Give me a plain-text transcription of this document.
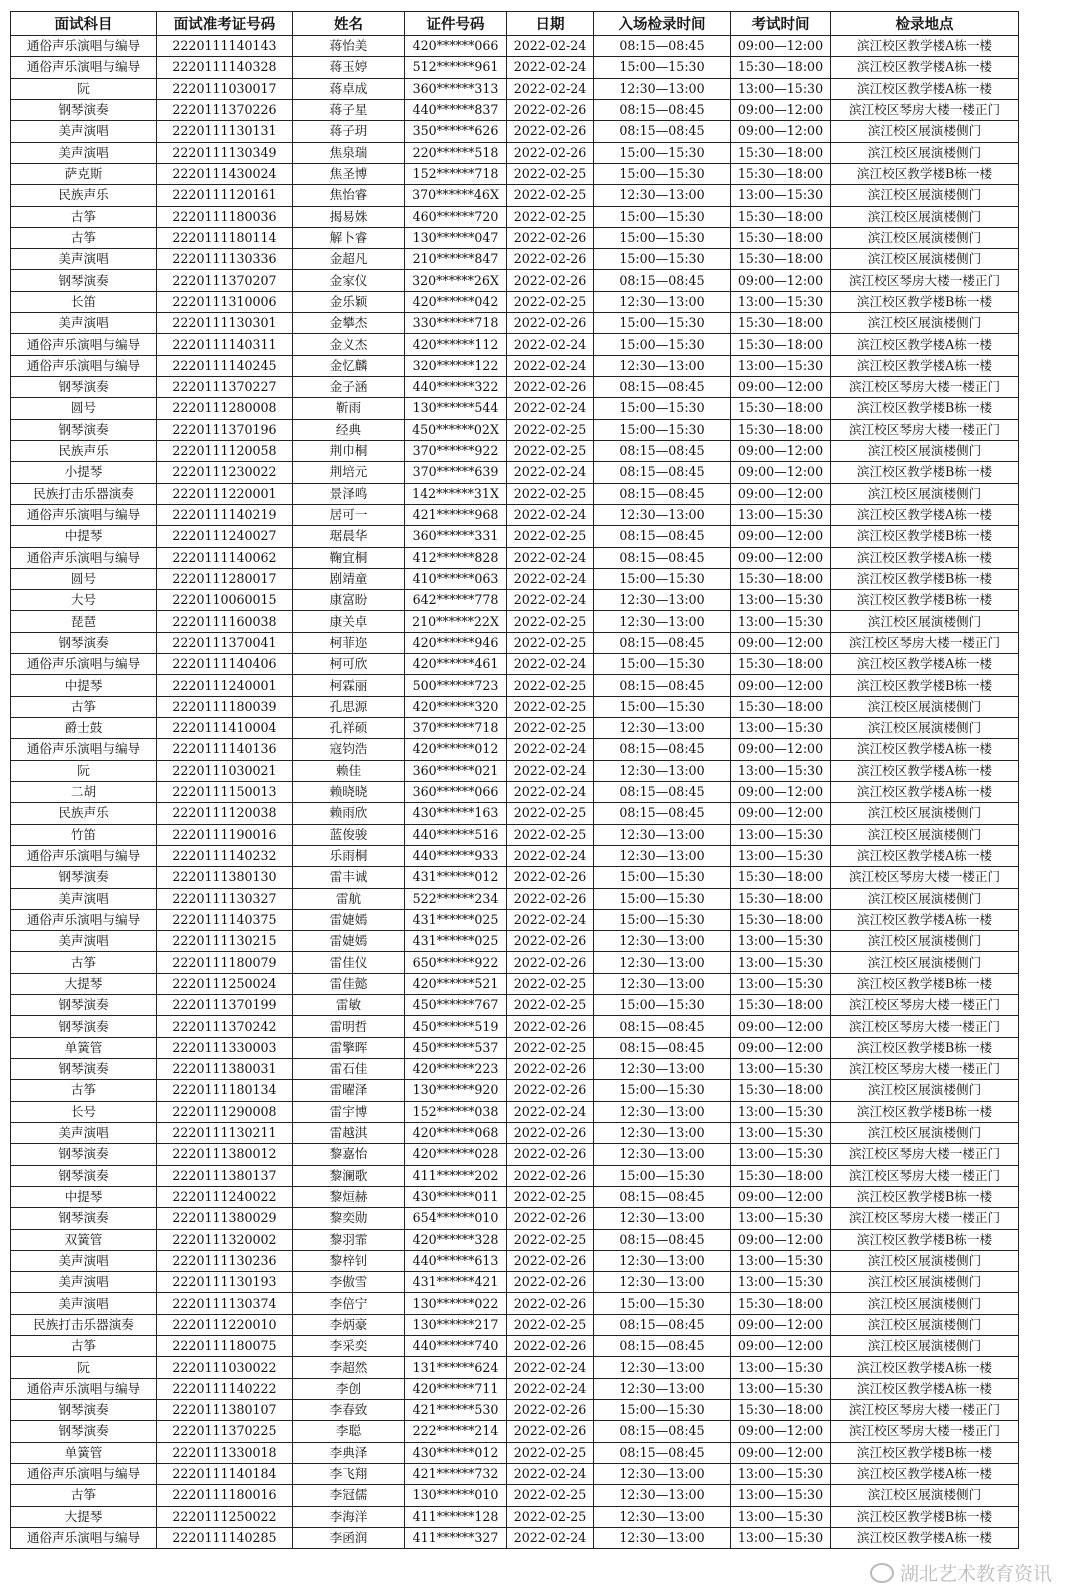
面试科目	面试准考证号码	姓名	证件号码	日期	入场检录时间	考试时间	检录地点
通俗声乐演唱与编导	2220111140143	蒋怡美	420******066	2022-02-24	08:15—08:45	09:00—12:00	滨江校区教学楼A栋一楼
通俗声乐演唱与编导	2220111140328	蒋玉婷	512******961	2022-02-24	15:00—15:30	15:30—18:00	滨江校区教学楼A栋一楼
阮	2220111030017	蒋卓成	360******313	2022-02-24	12:30—13:00	13:00—15:30	滨江校区教学楼A栋一楼
钢琴演奏	2220111370226	蒋子星	440******837	2022-02-26	08:15—08:45	09:00—12:00	滨江校区琴房大楼一楼正门
美声演唱	2220111130131	蒋子玥	350******626	2022-02-26	08:15—08:45	09:00—12:00	滨江校区展演楼侧门
美声演唱	2220111130349	焦泉瑞	220******518	2022-02-26	15:00—15:30	15:30—18:00	滨江校区展演楼侧门
萨克斯	2220111430024	焦圣博	152******718	2022-02-25	15:00—15:30	15:30—18:00	滨江校区教学楼B栋一楼
民族声乐	2220111120161	焦怡睿	370******46X	2022-02-25	12:30—13:00	13:00—15:30	滨江校区展演楼侧门
古筝	2220111180036	揭易姝	460******720	2022-02-25	15:00—15:30	15:30—18:00	滨江校区展演楼侧门
古筝	2220111180114	解卜睿	130******047	2022-02-26	15:00—15:30	15:30—18:00	滨江校区展演楼侧门
美声演唱	2220111130336	金超凡	210******847	2022-02-26	15:00—15:30	15:30—18:00	滨江校区展演楼侧门
钢琴演奏	2220111370207	金家仪	320******26X	2022-02-26	08:15—08:45	09:00—12:00	滨江校区琴房大楼一楼正门
长笛	2220111310006	金乐颖	420******042	2022-02-25	12:30—13:00	13:00—15:30	滨江校区教学楼B栋一楼
美声演唱	2220111130301	金攀杰	330******718	2022-02-26	15:00—15:30	15:30—18:00	滨江校区展演楼侧门
通俗声乐演唱与编导	2220111140311	金义杰	420******112	2022-02-24	15:00—15:30	15:30—18:00	滨江校区教学楼A栋一楼
通俗声乐演唱与编导	2220111140245	金忆麟	320******122	2022-02-24	12:30—13:00	13:00—15:30	滨江校区教学楼A栋一楼
钢琴演奏	2220111370227	金子涵	440******322	2022-02-26	08:15—08:45	09:00—12:00	滨江校区琴房大楼一楼正门
圆号	2220111280008	靳雨	130******544	2022-02-24	15:00—15:30	15:30—18:00	滨江校区教学楼B栋一楼
钢琴演奏	2220111370196	经典	450******02X	2022-02-25	15:00—15:30	15:30—18:00	滨江校区琴房大楼一楼正门
民族声乐	2220111120058	荆巾桐	370******922	2022-02-25	08:15—08:45	09:00—12:00	滨江校区展演楼侧门
小提琴	2220111230022	荆培元	370******639	2022-02-24	08:15—08:45	09:00—12:00	滨江校区教学楼B栋一楼
民族打击乐器演奏	2220111220001	景泽鸣	142******31X	2022-02-25	08:15—08:45	09:00—12:00	滨江校区展演楼侧门
通俗声乐演唱与编导	2220111140219	居可一	421******968	2022-02-24	12:30—13:00	13:00—15:30	滨江校区教学楼A栋一楼
中提琴	2220111240027	琚晨华	360******331	2022-02-25	08:15—08:45	09:00—12:00	滨江校区教学楼B栋一楼
通俗声乐演唱与编导	2220111140062	鞠宜桐	412******828	2022-02-24	08:15—08:45	09:00—12:00	滨江校区教学楼A栋一楼
圆号	2220111280017	剧靖童	410******063	2022-02-24	15:00—15:30	15:30—18:00	滨江校区教学楼B栋一楼
大号	2220110060015	康富盼	642******778	2022-02-24	12:30—13:00	13:00—15:30	滨江校区教学楼B栋一楼
琵琶	2220111160038	康关卓	210******22X	2022-02-25	12:30—13:00	13:00—15:30	滨江校区展演楼侧门
钢琴演奏	2220111370041	柯菲迩	420******946	2022-02-25	08:15—08:45	09:00—12:00	滨江校区琴房大楼一楼正门
通俗声乐演唱与编导	2220111140406	柯可欣	420******461	2022-02-24	15:00—15:30	15:30—18:00	滨江校区教学楼A栋一楼
中提琴	2220111240001	柯霖丽	500******723	2022-02-25	08:15—08:45	09:00—12:00	滨江校区教学楼B栋一楼
古筝	2220111180039	孔思源	420******320	2022-02-25	15:00—15:30	15:30—18:00	滨江校区展演楼侧门
爵士鼓	2220111410004	孔祥硕	370******718	2022-02-25	12:30—13:00	13:00—15:30	滨江校区展演楼侧门
通俗声乐演唱与编导	2220111140136	寇钧浩	420******012	2022-02-24	08:15—08:45	09:00—12:00	滨江校区教学楼A栋一楼
阮	2220111030021	赖佳	360******021	2022-02-24	12:30—13:00	13:00—15:30	滨江校区教学楼A栋一楼
二胡	2220111150013	赖晓晓	360******066	2022-02-24	08:15—08:45	09:00—12:00	滨江校区教学楼A栋一楼
民族声乐	2220111120038	赖雨欣	430******163	2022-02-25	08:15—08:45	09:00—12:00	滨江校区展演楼侧门
竹笛	2220111190016	蓝俊骏	440******516	2022-02-25	12:30—13:00	13:00—15:30	滨江校区展演楼侧门
通俗声乐演唱与编导	2220111140232	乐雨桐	440******933	2022-02-24	12:30—13:00	13:00—15:30	滨江校区教学楼A栋一楼
钢琴演奏	2220111380130	雷丰诚	431******012	2022-02-26	15:00—15:30	15:30—18:00	滨江校区琴房大楼一楼正门
美声演唱	2220111130327	雷航	522******234	2022-02-26	15:00—15:30	15:30—18:00	滨江校区展演楼侧门
通俗声乐演唱与编导	2220111140375	雷婕嫣	431******025	2022-02-24	15:00—15:30	15:30—18:00	滨江校区教学楼A栋一楼
美声演唱	2220111130215	雷婕嫣	431******025	2022-02-26	12:30—13:00	13:00—15:30	滨江校区展演楼侧门
古筝	2220111180079	雷佳仪	650******922	2022-02-26	12:30—13:00	13:00—15:30	滨江校区展演楼侧门
大提琴	2220111250024	雷佳懿	420******521	2022-02-25	12:30—13:00	13:00—15:30	滨江校区教学楼B栋一楼
钢琴演奏	2220111370199	雷敏	450******767	2022-02-25	15:00—15:30	15:30—18:00	滨江校区琴房大楼一楼正门
钢琴演奏	2220111370242	雷明哲	450******519	2022-02-26	08:15—08:45	09:00—12:00	滨江校区琴房大楼一楼正门
单簧管	2220111330003	雷擎晖	450******537	2022-02-25	08:15—08:45	09:00—12:00	滨江校区教学楼B栋一楼
钢琴演奏	2220111380031	雷石佳	420******223	2022-02-26	12:30—13:00	13:00—15:30	滨江校区琴房大楼一楼正门
古筝	2220111180134	雷曜泽	130******920	2022-02-26	15:00—15:30	15:30—18:00	滨江校区展演楼侧门
长号	2220111290008	雷宇博	152******038	2022-02-24	12:30—13:00	13:00—15:30	滨江校区教学楼B栋一楼
美声演唱	2220111130211	雷越淇	420******068	2022-02-26	12:30—13:00	13:00—15:30	滨江校区展演楼侧门
钢琴演奏	2220111380012	黎嘉怡	420******028	2022-02-26	12:30—13:00	13:00—15:30	滨江校区琴房大楼一楼正门
钢琴演奏	2220111380137	黎澜歌	411******202	2022-02-26	15:00—15:30	15:30—18:00	滨江校区琴房大楼一楼正门
中提琴	2220111240022	黎烜赫	430******011	2022-02-25	08:15—08:45	09:00—12:00	滨江校区教学楼B栋一楼
钢琴演奏	2220111380029	黎奕勋	654******010	2022-02-26	12:30—13:00	13:00—15:30	滨江校区琴房大楼一楼正门
双簧管	2220111320002	黎羽霏	420******328	2022-02-25	08:15—08:45	09:00—12:00	滨江校区教学楼B栋一楼
美声演唱	2220111130236	黎梓钊	440******613	2022-02-26	12:30—13:00	13:00—15:30	滨江校区展演楼侧门
美声演唱	2220111130193	李傲雪	431******421	2022-02-26	12:30—13:00	13:00—15:30	滨江校区展演楼侧门
美声演唱	2220111130374	李倍宁	130******022	2022-02-26	15:00—15:30	15:30—18:00	滨江校区展演楼侧门
民族打击乐器演奏	2220111220010	李炳豪	130******217	2022-02-25	08:15—08:45	09:00—12:00	滨江校区展演楼侧门
古筝	2220111180075	李采奕	440******740	2022-02-26	08:15—08:45	09:00—12:00	滨江校区展演楼侧门
阮	2220111030022	李超然	131******624	2022-02-24	12:30—13:00	13:00—15:30	滨江校区教学楼A栋一楼
通俗声乐演唱与编导	2220111140222	李创	420******711	2022-02-24	12:30—13:00	13:00—15:30	滨江校区教学楼A栋一楼
钢琴演奏	2220111380107	李春致	421******530	2022-02-26	15:00—15:30	15:30—18:00	滨江校区琴房大楼一楼正门
钢琴演奏	2220111370225	李聪	222******214	2022-02-26	08:15—08:45	09:00—12:00	滨江校区琴房大楼一楼正门
单簧管	2220111330018	李典泽	430******012	2022-02-25	08:15—08:45	09:00—12:00	滨江校区教学楼B栋一楼
通俗声乐演唱与编导	2220111140184	李飞翔	421******732	2022-02-24	12:30—13:00	13:00—15:30	滨江校区教学楼A栋一楼
古筝	2220111180016	李冠儒	130******010	2022-02-25	12:30—13:00	13:00—15:30	滨江校区展演楼侧门
大提琴	2220111250022	李海洋	411******128	2022-02-25	12:30—13:00	13:00—15:30	滨江校区教学楼B栋一楼
通俗声乐演唱与编导	2220111140285	李函润	411******327	2022-02-24	12:30—13:00	13:00—15:30	滨江校区教学楼A栋一楼
湖北艺术教育资讯
